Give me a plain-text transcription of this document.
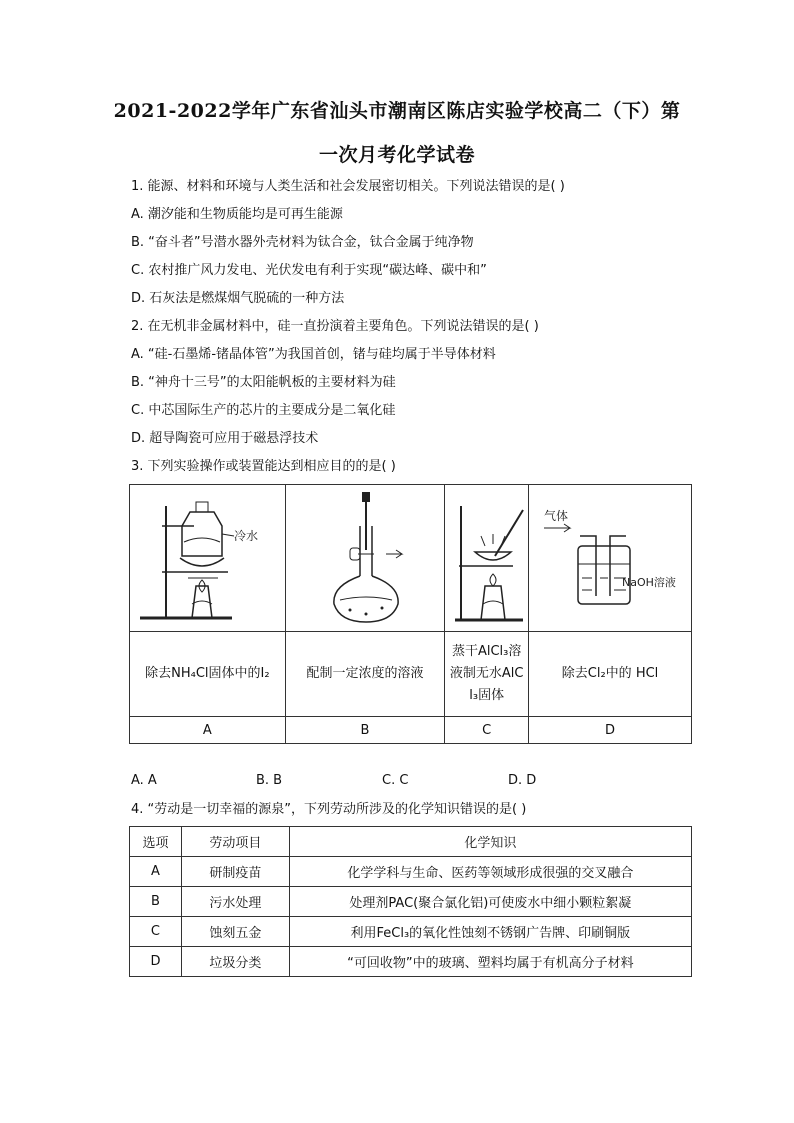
2021-2022学年广东省汕头市潮南区陈店实验学校高二（下）第
一次月考化学试卷
1. 能源、材料和环境与人类生活和社会发展密切相关。下列说法错误的是( )
A. 潮汐能和生物质能均是可再生能源
B. “奋斗者”号潜水器外壳材料为钛合金，钛合金属于纯净物
C. 农村推广风力发电、光伏发电有利于实现“碳达峰、碳中和”
D. 石灰法是燃煤烟气脱硫的一种方法
2. 在无机非金属材料中，硅一直扮演着主要角色。下列说法错误的是( )
A. “硅-石墨烯-锗晶体管”为我国首创，锗与硅均属于半导体材料
B. “神舟十三号”的太阳能帆板的主要材料为硅
C. 中芯国际生产的芯片的主要成分是二氧化硅
D. 超导陶瓷可应用于磁悬浮技术
3. 下列实验操作或装置能达到相应目的的是( )
冷水			气体
NaOH溶液

除去NH₄Cl固体中的I₂	配制一定浓度的溶液	蒸干AlCl₃溶
液制无水AlC
l₃固体	除去Cl₂中的 HCl
A	B	C	D
A. A	B. B	C. C	D. D
4. “劳动是一切幸福的源泉”，下列劳动所涉及的化学知识错误的是( )
选项	劳动项目	化学知识
A	研制疫苗	化学学科与生命、医药等领域形成很强的交叉融合
B	污水处理	处理剂PAC(聚合氯化铝)可使废水中细小颗粒絮凝
C	蚀刻五金	利用FeCl₃的氧化性蚀刻不锈钢广告牌、印刷铜版
D	垃圾分类	“可回收物”中的玻璃、塑料均属于有机高分子材料
